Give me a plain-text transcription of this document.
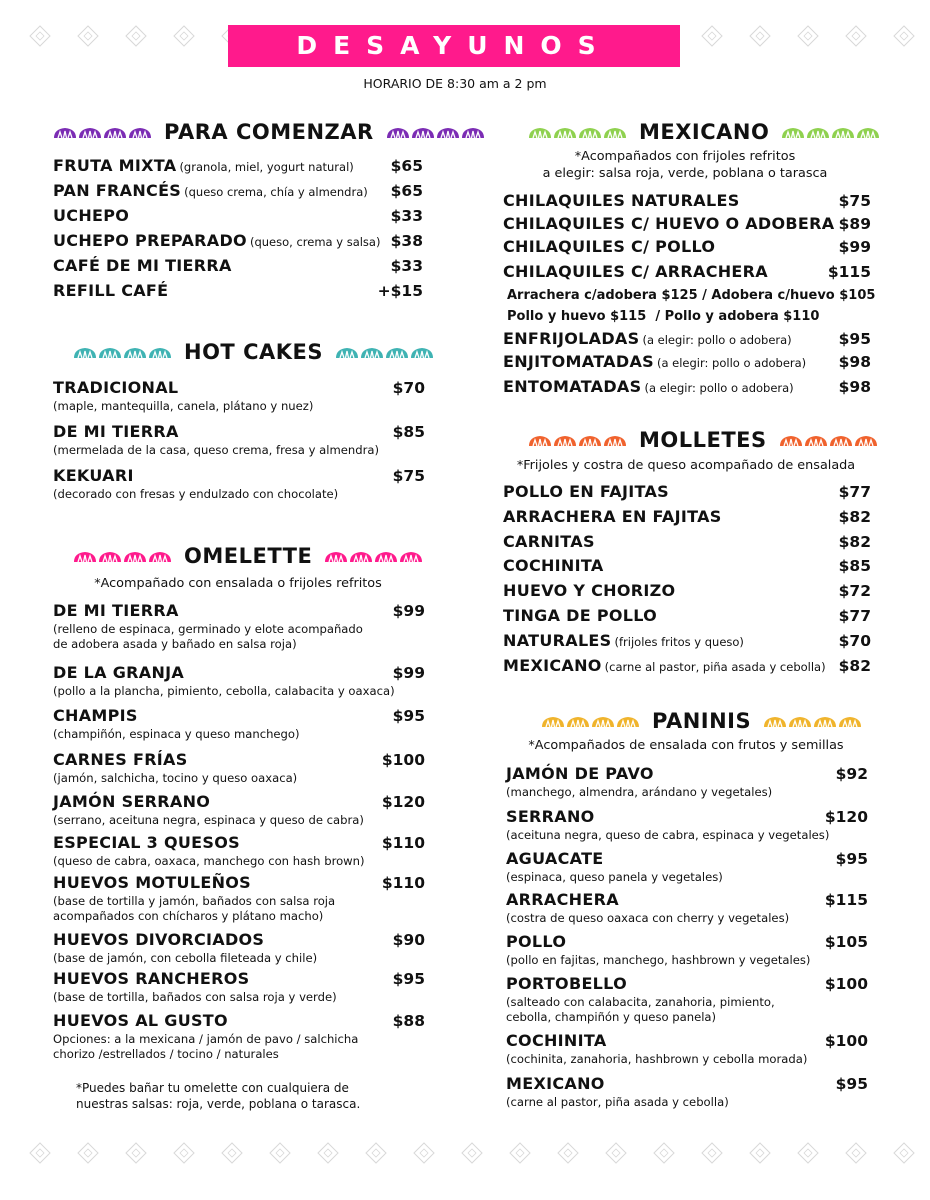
DESAYUNOS
HORARIO DE 8:30 am a 2 pm
PARA COMENZAR
HOT CAKES
OMELETTE
*Acompañado con ensalada o frijoles refritos
MEXICANO
*Acompañados con frijoles refritos
a elegir: salsa roja, verde, poblana o tarasca
MOLLETES
*Frijoles y costra de queso acompañado de ensalada
PANINIS
*Acompañados de ensalada con frutos y semillas
Arrachera c/adobera $125 / Adobera c/huevo $105
Pollo y huevo $115  / Pollo y adobera $110
*Puedes bañar tu omelette con cualquiera de
nuestras salsas: roja, verde, poblana o tarasca.
FRUTA MIXTA (granola, miel, yogurt natural) $65
PAN FRANCÉS (queso crema, chía y almendra) $65
UCHEPO	$33
UCHEPO PREPARADO (queso, crema y salsa) $38
CAFÉ DE MI TIERRA	$33
REFILL CAFÉ	+$15
TRADICIONAL	$70
(maple, mantequilla, canela, plátano y nuez)
DE MI TIERRA	$85
(mermelada de la casa, queso crema, fresa y almendra)
KEKUARI	$75
(decorado con fresas y endulzado con chocolate)
DE MI TIERRA	$99
(relleno de espinaca, germinado y elote acompañado
de adobera asada y bañado en salsa roja)
DE LA GRANJA	$99
(pollo a la plancha, pimiento, cebolla, calabacita y oaxaca)
CHAMPIS	$95
(champiñón, espinaca y queso manchego)
CARNES FRÍAS	$100
(jamón, salchicha, tocino y queso oaxaca)
JAMÓN SERRANO	$120
(serrano, aceituna negra, espinaca y queso de cabra)
ESPECIAL 3 QUESOS	$110
(queso de cabra, oaxaca, manchego con hash brown)
HUEVOS MOTULEÑOS	$110
(base de tortilla y jamón, bañados con salsa roja
acompañados con chícharos y plátano macho)
HUEVOS DIVORCIADOS	$90
(base de jamón, con cebolla fileteada y chile)
HUEVOS RANCHEROS	$95
(base de tortilla, bañados con salsa roja y verde)
HUEVOS AL GUSTO	$88
Opciones: a la mexicana / jamón de pavo / salchicha
chorizo /estrellados / tocino / naturales
CHILAQUILES NATURALES	$75
CHILAQUILES C/ HUEVO O ADOBERA $89
CHILAQUILES C/ POLLO	$99
CHILAQUILES C/ ARRACHERA	$115
ENFRIJOLADAS (a elegir: pollo o adobera)	$95
ENJITOMATADAS (a elegir: pollo o adobera) $98
ENTOMATADAS (a elegir: pollo o adobera)	$98
POLLO EN FAJITAS	$77
ARRACHERA EN FAJITAS	$82
CARNITAS	$82
COCHINITA	$85
HUEVO Y CHORIZO	$72
TINGA DE POLLO	$77
NATURALES (frijoles fritos y queso)	$70
MEXICANO (carne al pastor, piña asada y cebolla) $82
JAMÓN DE PAVO	$92
(manchego, almendra, arándano y vegetales)
SERRANO	$120
(aceituna negra, queso de cabra, espinaca y vegetales)
AGUACATE	$95
(espinaca, queso panela y vegetales)
ARRACHERA	$115
(costra de queso oaxaca con cherry y vegetales)
POLLO	$105
(pollo en fajitas, manchego, hashbrown y vegetales)
PORTOBELLO	$100
(salteado con calabacita, zanahoria, pimiento,
cebolla, champiñón y queso panela)
COCHINITA	$100
(cochinita, zanahoria, hashbrown y cebolla morada)
MEXICANO	$95
(carne al pastor, piña asada y cebolla)
